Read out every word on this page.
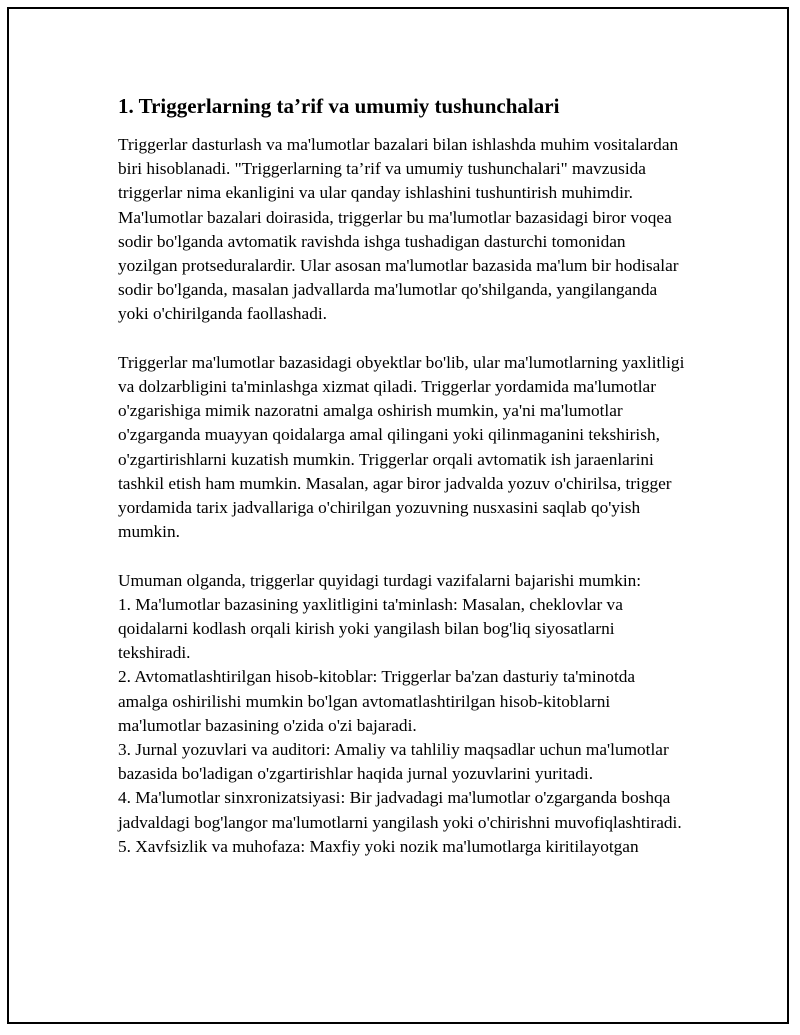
1. Triggerlarning ta’rif va umumiy tushunchalari

Triggerlar dasturlash va ma'lumotlar bazalari bilan ishlashda muhim vositalardan biri hisoblanadi. "Triggerlarning ta’rif va umumiy tushunchalari" mavzusida triggerlar nima ekanligini va ular qanday ishlashini tushuntirish muhimdir. Ma'lumotlar bazalari doirasida, triggerlar bu ma'lumotlar bazasidagi biror voqea sodir bo'lganda avtomatik ravishda ishga tushadigan dasturchi tomonidan yozilgan protseduralardir. Ular asosan ma'lumotlar bazasida ma'lum bir hodisalar sodir bo'lganda, masalan jadvallarda ma'lumotlar qo'shilganda, yangilanganda yoki o'chirilganda faollashadi.

Triggerlar ma'lumotlar bazasidagi obyektlar bo'lib, ular ma'lumotlarning yaxlitligi va dolzarbligini ta'minlashga xizmat qiladi. Triggerlar yordamida ma'lumotlar o'zgarishiga mimik nazoratni amalga oshirish mumkin, ya'ni ma'lumotlar o'zgarganda muayyan qoidalarga amal qilingani yoki qilinmaganini tekshirish, o'zgartirishlarni kuzatish mumkin. Triggerlar orqali avtomatik ish jaraenlarini tashkil etish ham mumkin. Masalan, agar biror jadvalda yozuv o'chirilsa, trigger yordamida tarix jadvallariga o'chirilgan yozuvning nusxasini saqlab qo'yish mumkin.

Umuman olganda, triggerlar quyidagi turdagi vazifalarni bajarishi mumkin:

1. Ma'lumotlar bazasining yaxlitligini ta'minlash: Masalan, cheklovlar va qoidalarni kodlash orqali kirish yoki yangilash bilan bog'liq siyosatlarni tekshiradi.

2. Avtomatlashtirilgan hisob-kitoblar: Triggerlar ba'zan dasturiy ta'minotda amalga oshirilishi mumkin bo'lgan avtomatlashtirilgan hisob-kitoblarni ma'lumotlar bazasining o'zida o'zi bajaradi.

3. Jurnal yozuvlari va auditori: Amaliy va tahliliy maqsadlar uchun ma'lumotlar bazasida bo'ladigan o'zgartirishlar haqida jurnal yozuvlarini yuritadi.

4. Ma'lumotlar sinxronizatsiyasi: Bir jadvadagi ma'lumotlar o'zgarganda boshqa jadvaldagi bog'langor ma'lumotlarni yangilash yoki o'chirishni muvofiqlashtiradi.

5. Xavfsizlik va muhofaza: Maxfiy yoki nozik ma'lumotlarga kiritilayotgan
